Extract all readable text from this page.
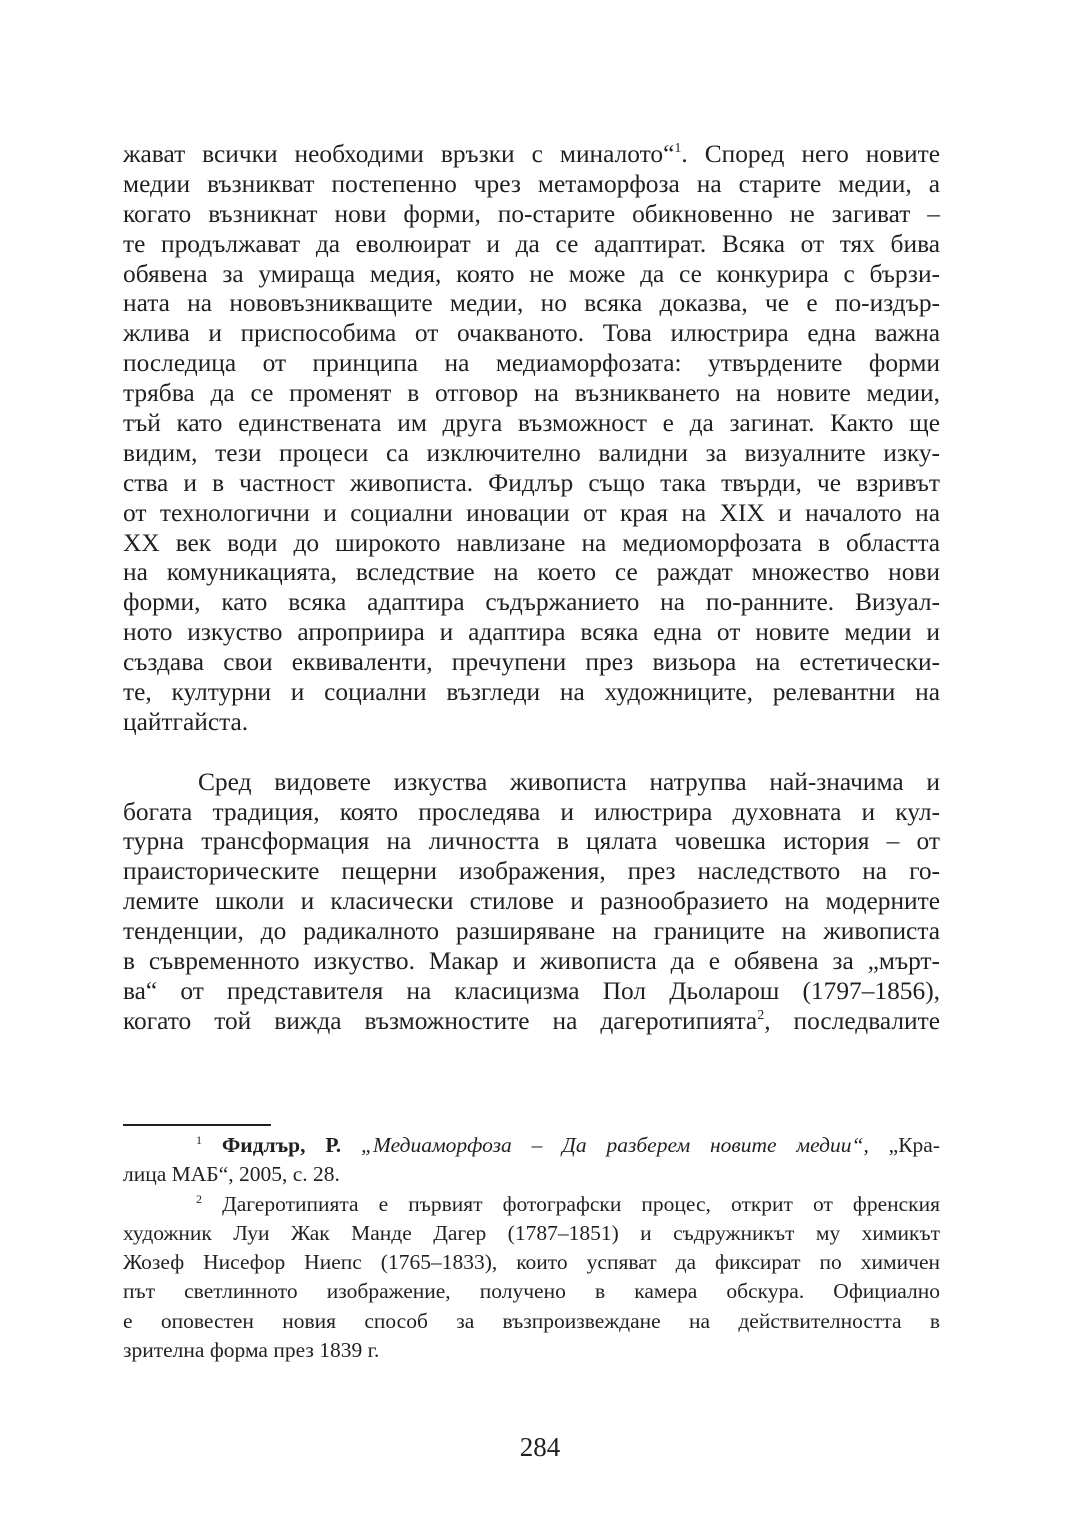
жават всички необходими връзки с миналото“$^1$. Според него новите
медии възникват постепенно чрез метаморфоза на старите медии, а
когато възникнат нови форми, по-старите обикновенно не загиват –
те продължават да еволюират и да се адаптират. Всяка от тях бива
обявена за умираща медия, която не може да се конкурира с бързи-
ната на нововъзникващите медии, но всяка доказва, че е по-издър-
жлива и приспособима от очакваното. Това илюстрира една важна
последица от принципа на медиаморфозата: утвърдените форми
трябва да се променят в отговор на възникването на новите медии,
тъй като единствената им друга възможност е да загинат. Както ще
видим, тези процеси са изключително валидни за визуалните изку-
ства и в частност живописта. Фидлър също така твърди, че взривът
от технологични и социални иновации от края на XIX и началото на
XX век води до широкото навлизане на медиоморфозата в областта
на комуникацията, вследствие на което се раждат множество нови
форми, като всяка адаптира съдържанието на по-ранните. Визуал-
ното изкуство апроприира и адаптира всяка една от новите медии и
създава свои еквиваленти, пречупени през визьора на естетически-
те, културни и социални възгледи на художниците, релевантни на
цайтгайста.
Сред видовете изкуства живописта натрупва най-значима и
богата традиция, която проследява и илюстрира духовната и кул-
турна трансформация на личността в цялата човешка история – от
праисторическите пещерни изображения, през наследството на го-
лемите школи и класически стилове и разнообразието на модерните
тенденции, до радикалното разширяване на границите на живописта
в съвременното изкуство. Макар и живописта да е обявена за „мърт-
ва“ от представителя на класицизма Пол Дьоларош (1797–1856),
когато той вижда възможностите на дагеротипията$^2$, последвалите
$^1$ Фидлър, Р. „Медиаморфоза – Да разберем новите медии“, „Кра-
лица МАБ“, 2005, с. 28.
$^2$ Дагеротипията е първият фотографски процес, открит от френския
художник Луи Жак Манде Дагер (1787–1851) и съдружникът му химикът
Жозеф Нисефор Ниепс (1765–1833), които успяват да фиксират по химичен
път светлинното изображение, получено в камера обскура. Официално
е оповестен новия способ за възпроизвеждане на действителността в
зрителна форма през 1839 г.
284
